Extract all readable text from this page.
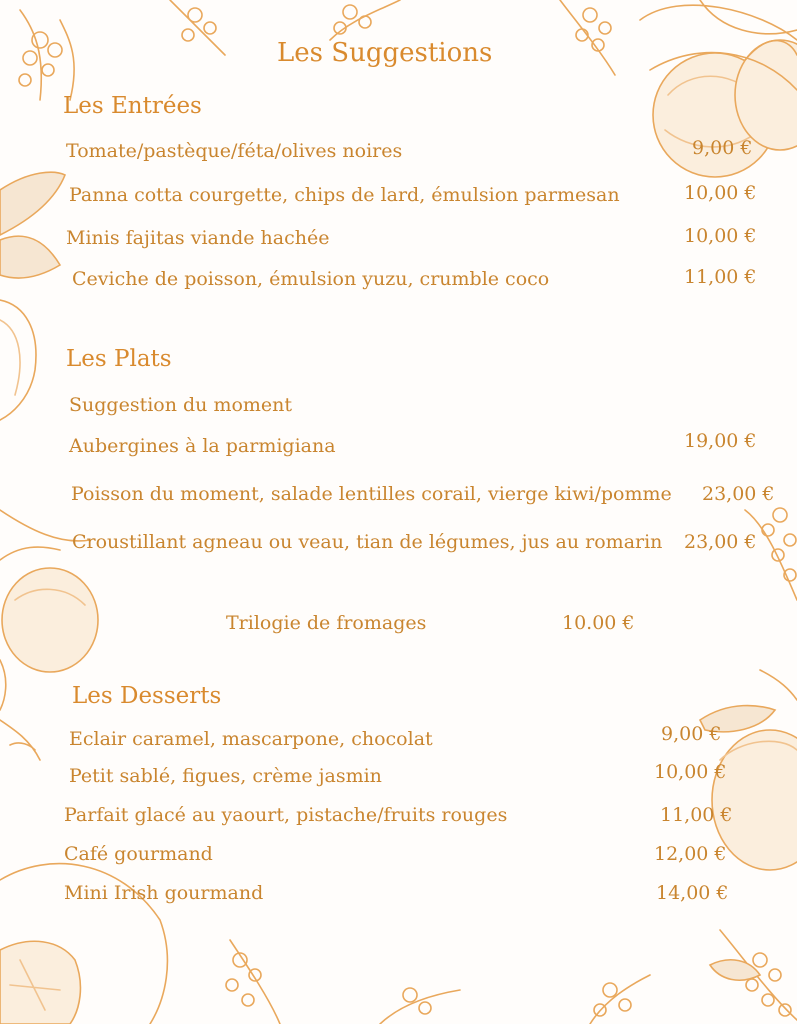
Les Suggestions
Les Entrées
Tomate/pastèque/féta/olives noires	9,00 €
Panna cotta courgette, chips de lard, émulsion parmesan	10,00 €
Minis fajitas viande hachée	10,00 €
Ceviche de poisson, émulsion yuzu, crumble coco	11,00 €
Les Plats
Suggestion du moment
Aubergines à la parmigiana	19,00 €
Poisson du moment, salade lentilles corail, vierge kiwi/pomme 23,00 €
Croustillant agneau ou veau, tian de légumes, jus au romarin 23,00 €
Trilogie de fromages	10.00 €
Les Desserts
Eclair caramel, mascarpone, chocolat	9,00 €
Petit sablé, figues, crème jasmin	10,00 €
Parfait glacé au yaourt, pistache/fruits rouges	11,00 €
Café gourmand	12,00 €
Mini Irish gourmand	14,00 €
